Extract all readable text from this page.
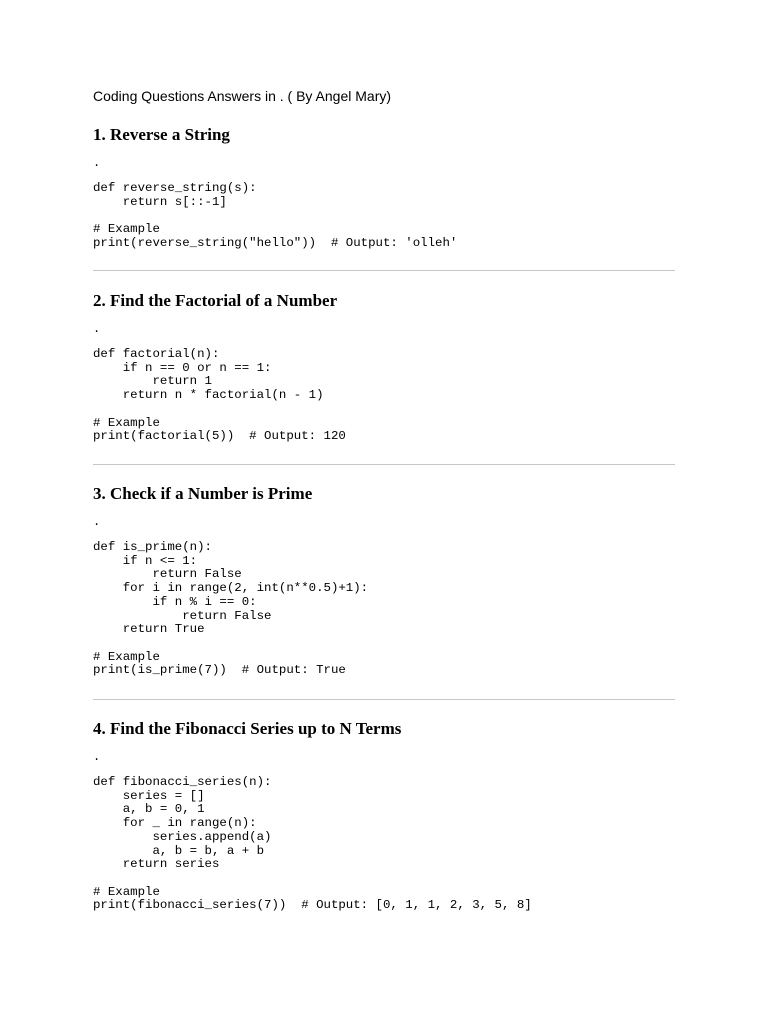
Coding Questions Answers in . ( By Angel Mary)
1. Reverse a String
.
def reverse_string(s):
return s[::-1]

# Example
print(reverse_string("hello"))  # Output: 'olleh'
2. Find the Factorial of a Number
.
def factorial(n):
if n == 0 or n == 1:
return 1
return n * factorial(n - 1)

# Example
print(factorial(5))  # Output: 120
3. Check if a Number is Prime
.
def is_prime(n):
if n <= 1:
return False
for i in range(2, int(n**0.5)+1):
if n % i == 0:
return False
return True

# Example
print(is_prime(7))  # Output: True
4. Find the Fibonacci Series up to N Terms
.
def fibonacci_series(n):
series = []
a, b = 0, 1
for _ in range(n):
series.append(a)
a, b = b, a + b
return series

# Example
print(fibonacci_series(7))  # Output: [0, 1, 1, 2, 3, 5, 8]
